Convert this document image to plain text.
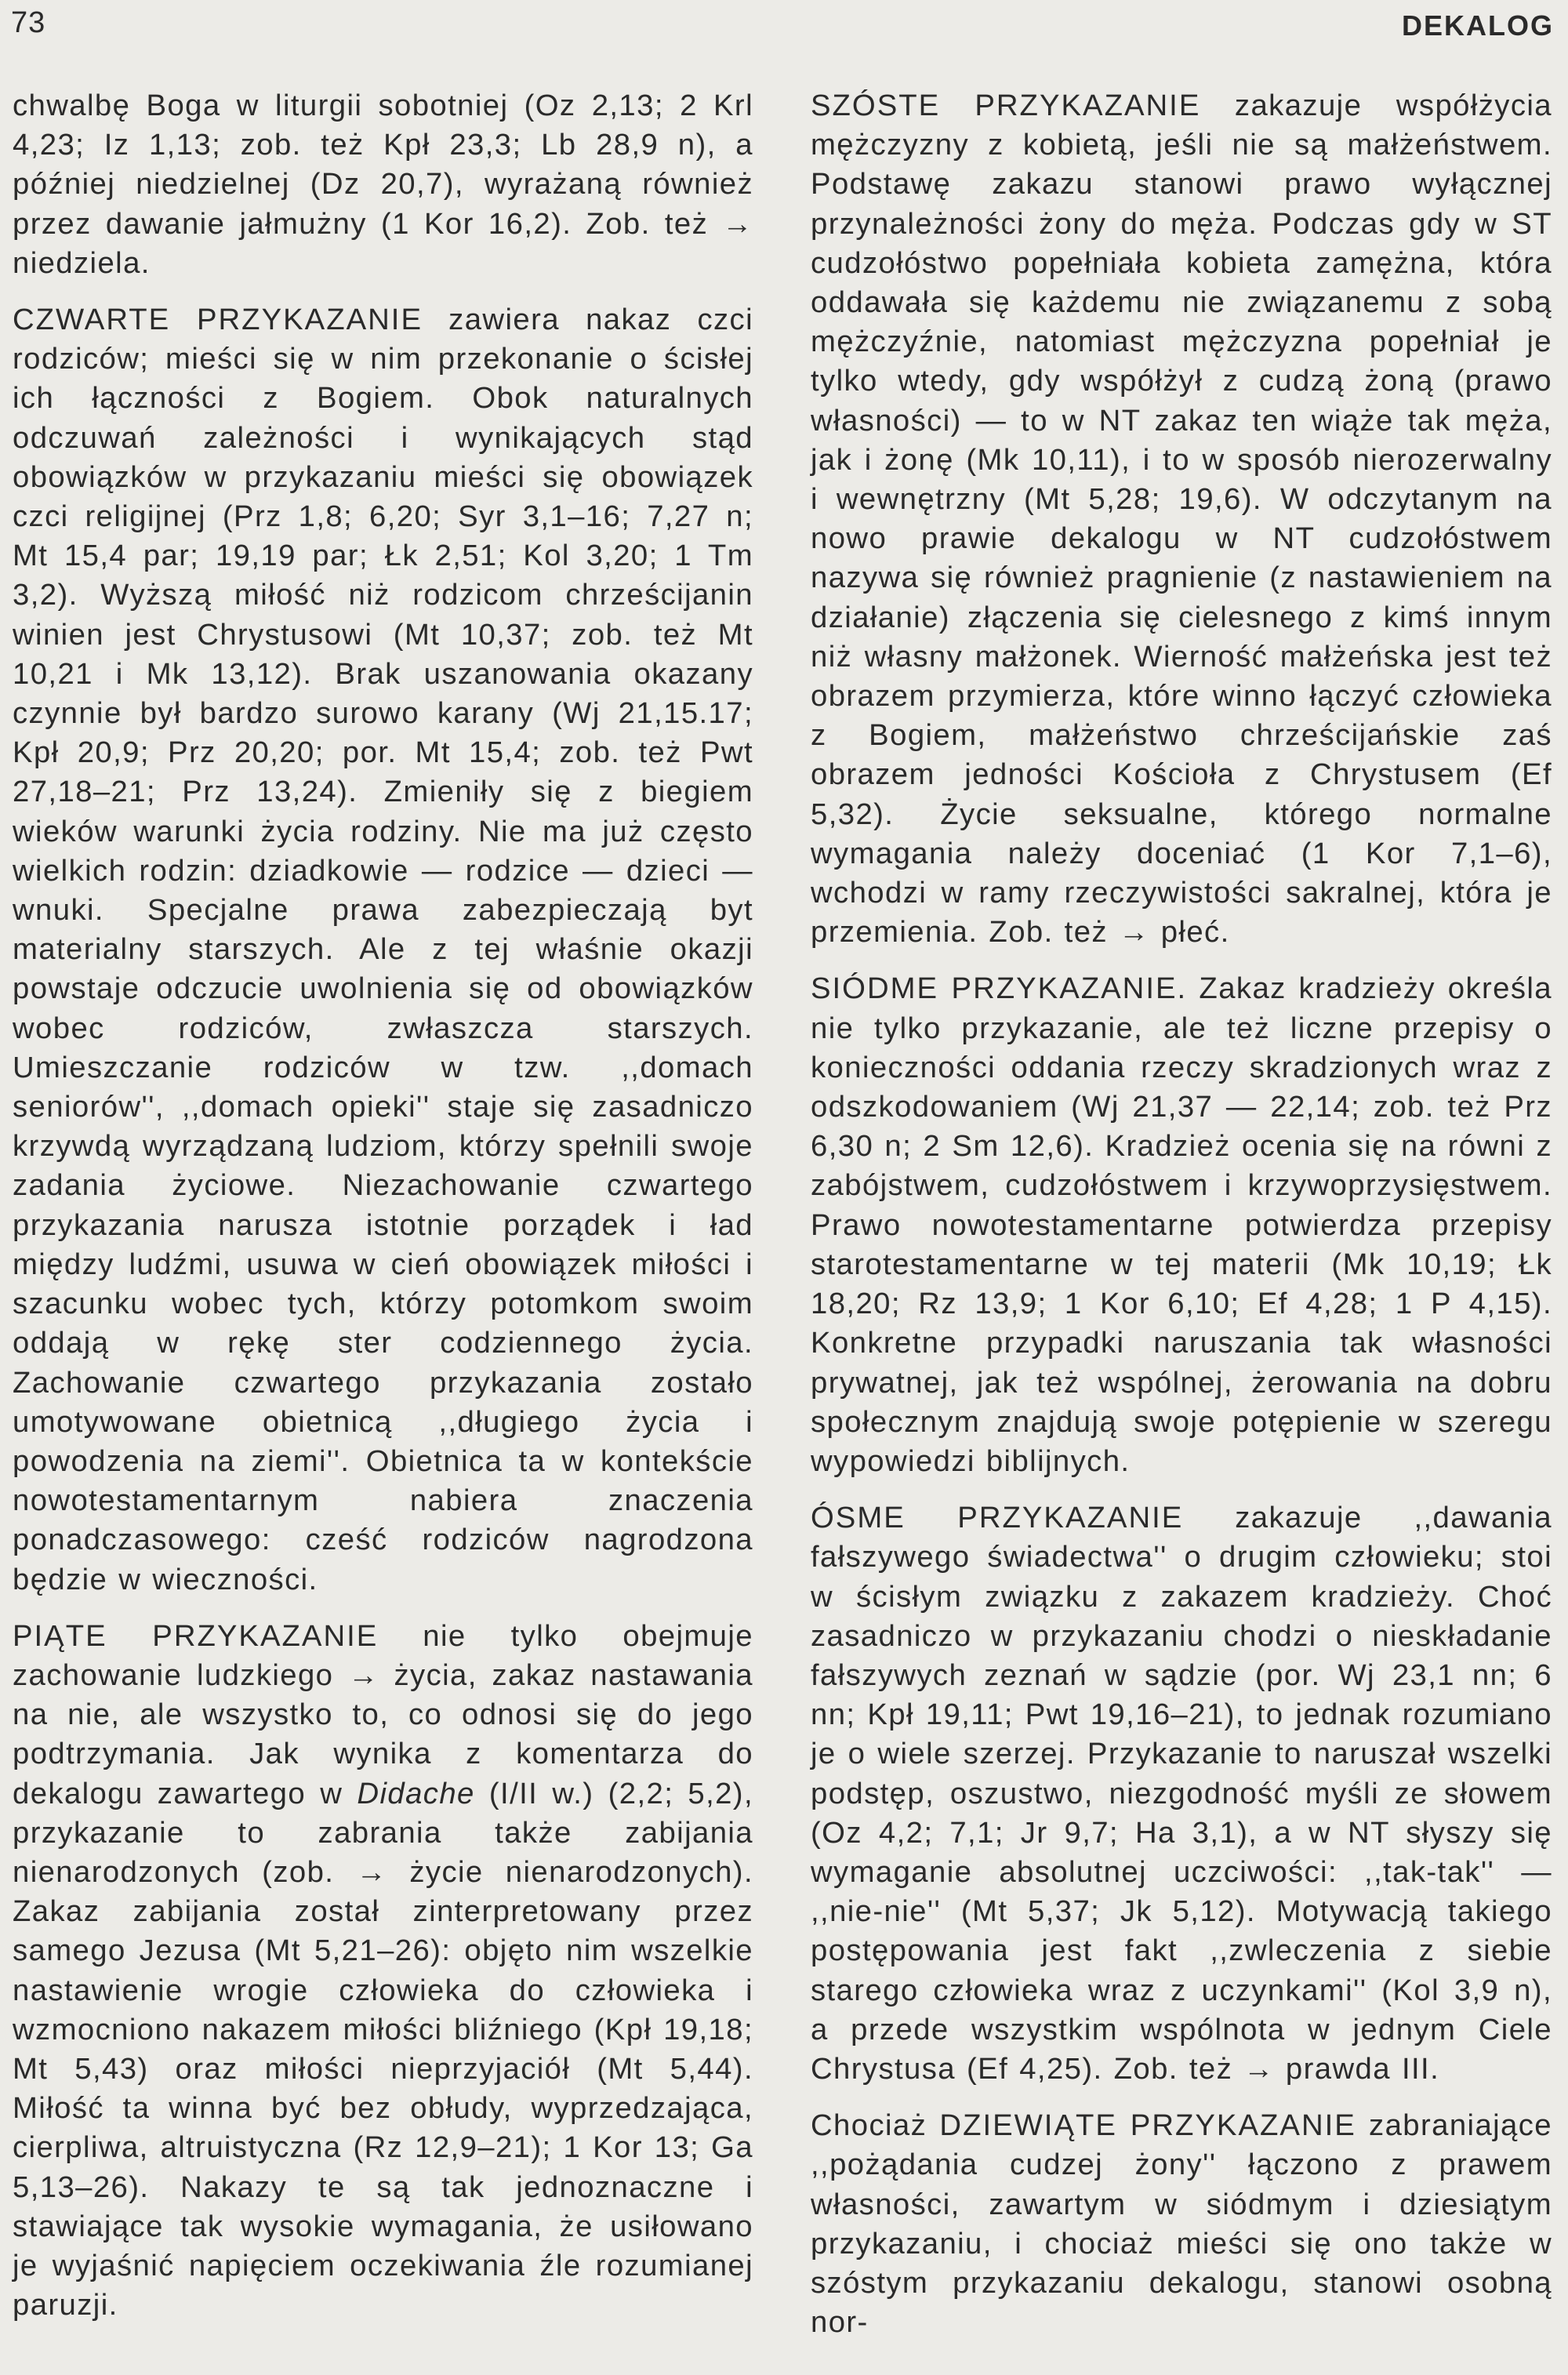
73	DEKALOG

chwalbę Boga w liturgii sobotniej (Oz 2,13; 2 Krl 4,23; Iz 1,13; zob. też Kpł 23,3; Lb 28,9 n), a później niedzielnej (Dz 20,7), wyrażaną również przez dawanie jałmużny (1 Kor 16,2). Zob. też → niedziela.

CZWARTE PRZYKAZANIE zawiera nakaz czci rodziców; mieści się w nim przekonanie o ścisłej ich łączności z Bogiem. Obok naturalnych odczuwań zależności i wynikających stąd obowiązków w przykazaniu mieści się obowiązek czci religijnej (Prz 1,8; 6,20; Syr 3,1–16; 7,27 n; Mt 15,4 par; 19,19 par; Łk 2,51; Kol 3,20; 1 Tm 3,2). Wyższą miłość niż rodzicom chrześcijanin winien jest Chrystusowi (Mt 10,37; zob. też Mt 10,21 i Mk 13,12). Brak uszanowania okazany czynnie był bardzo surowo karany (Wj 21,15.17; Kpł 20,9; Prz 20,20; por. Mt 15,4; zob. też Pwt 27,18–21; Prz 13,24). Zmieniły się z biegiem wieków warunki życia rodziny. Nie ma już często wielkich rodzin: dziadkowie — rodzice — dzieci — wnuki. Specjalne prawa zabezpieczają byt materialny starszych. Ale z tej właśnie okazji powstaje odczucie uwolnienia się od obowiązków wobec rodziców, zwłaszcza starszych. Umieszczanie rodziców w tzw. ,,domach seniorów'', ,,domach opieki'' staje się zasadniczo krzywdą wyrządzaną ludziom, którzy spełnili swoje zadania życiowe. Niezachowanie czwartego przykazania narusza istotnie porządek i ład między ludźmi, usuwa w cień obowiązek miłości i szacunku wobec tych, którzy potomkom swoim oddają w rękę ster codziennego życia. Zachowanie czwartego przykazania zostało umotywowane obietnicą ,,długiego życia i powodzenia na ziemi''. Obietnica ta w kontekście nowotestamentarnym nabiera znaczenia ponadczasowego: cześć rodziców nagrodzona będzie w wieczności.

PIĄTE PRZYKAZANIE nie tylko obejmuje zachowanie ludzkiego → życia, zakaz nastawania na nie, ale wszystko to, co odnosi się do jego podtrzymania. Jak wynika z komentarza do dekalogu zawartego w Didache (I/II w.) (2,2; 5,2), przykazanie to zabrania także zabijania nienarodzonych (zob. → życie nienarodzonych). Zakaz zabijania został zinterpretowany przez samego Jezusa (Mt 5,21–26): objęto nim wszelkie nastawienie wrogie człowieka do człowieka i wzmocniono nakazem miłości bliźniego (Kpł 19,18; Mt 5,43) oraz miłości nieprzyjaciół (Mt 5,44). Miłość ta winna być bez obłudy, wyprzedzająca, cierpliwa, altruistyczna (Rz 12,9–21); 1 Kor 13; Ga 5,13–26). Nakazy te są tak jednoznaczne i stawiające tak wysokie wymagania, że usiłowano je wyjaśnić napięciem oczekiwania źle rozumianej paruzji.

SZÓSTE PRZYKAZANIE zakazuje współżycia mężczyzny z kobietą, jeśli nie są małżeństwem. Podstawę zakazu stanowi prawo wyłącznej przynależności żony do męża. Podczas gdy w ST cudzołóstwo popełniała kobieta zamężna, która oddawała się każdemu nie związanemu z sobą mężczyźnie, natomiast mężczyzna popełniał je tylko wtedy, gdy współżył z cudzą żoną (prawo własności) — to w NT zakaz ten wiąże tak męża, jak i żonę (Mk 10,11), i to w sposób nierozerwalny i wewnętrzny (Mt 5,28; 19,6). W odczytanym na nowo prawie dekalogu w NT cudzołóstwem nazywa się również pragnienie (z nastawieniem na działanie) złączenia się cielesnego z kimś innym niż własny małżonek. Wierność małżeńska jest też obrazem przymierza, które winno łączyć człowieka z Bogiem, małżeństwo chrześcijańskie zaś obrazem jedności Kościoła z Chrystusem (Ef 5,32). Życie seksualne, którego normalne wymagania należy doceniać (1 Kor 7,1–6), wchodzi w ramy rzeczywistości sakralnej, która je przemienia. Zob. też → płeć.

SIÓDME PRZYKAZANIE. Zakaz kradzieży określa nie tylko przykazanie, ale też liczne przepisy o konieczności oddania rzeczy skradzionych wraz z odszkodowaniem (Wj 21,37 — 22,14; zob. też Prz 6,30 n; 2 Sm 12,6). Kradzież ocenia się na równi z zabójstwem, cudzołóstwem i krzywoprzysięstwem. Prawo nowotestamentarne potwierdza przepisy starotestamentarne w tej materii (Mk 10,19; Łk 18,20; Rz 13,9; 1 Kor 6,10; Ef 4,28; 1 P 4,15). Konkretne przypadki naruszania tak własności prywatnej, jak też wspólnej, żerowania na dobru społecznym znajdują swoje potępienie w szeregu wypowiedzi biblijnych.

ÓSME PRZYKAZANIE zakazuje ,,dawania fałszywego świadectwa'' o drugim człowieku; stoi w ścisłym związku z zakazem kradzieży. Choć zasadniczo w przykazaniu chodzi o nieskładanie fałszywych zeznań w sądzie (por. Wj 23,1 nn; 6 nn; Kpł 19,11; Pwt 19,16–21), to jednak rozumiano je o wiele szerzej. Przykazanie to naruszał wszelki podstęp, oszustwo, niezgodność myśli ze słowem (Oz 4,2; 7,1; Jr 9,7; Ha 3,1), a w NT słyszy się wymaganie absolutnej uczciwości: ,,tak-tak'' — ,,nie-nie'' (Mt 5,37; Jk 5,12). Motywacją takiego postępowania jest fakt ,,zwleczenia z siebie starego człowieka wraz z uczynkami'' (Kol 3,9 n), a przede wszystkim wspólnota w jednym Ciele Chrystusa (Ef 4,25). Zob. też → prawda III.

Chociaż DZIEWIĄTE PRZYKAZANIE zabraniające ,,pożądania cudzej żony'' łączono z prawem własności, zawartym w siódmym i dziesiątym przykazaniu, i chociaż mieści się ono także w szóstym przykazaniu dekalogu, stanowi osobną nor-
